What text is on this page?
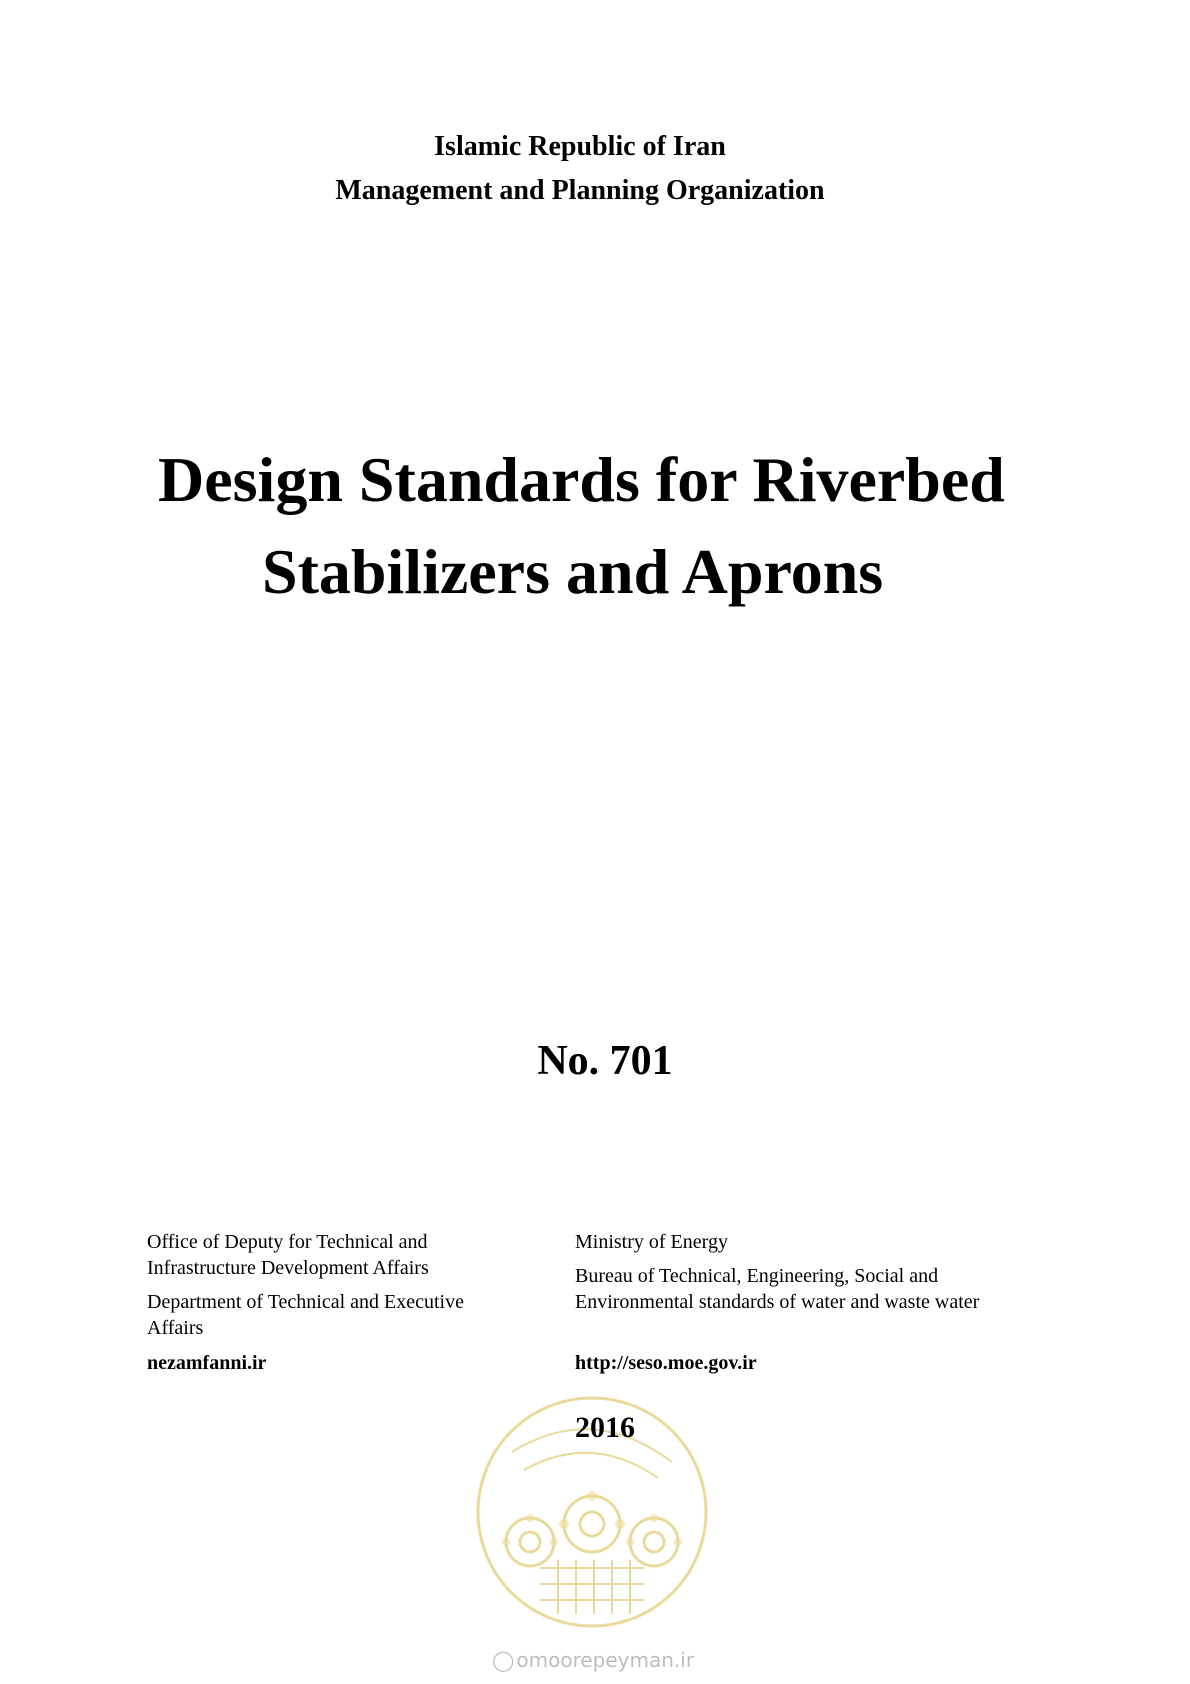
Islamic Republic of Iran
Management and Planning Organization
Design Standards for Riverbed
Stabilizers and Aprons
No. 701

Office of Deputy for Technical and
Infrastructure Development Affairs

Department of Technical and Executive
Affairs

nezamfanni.ir

Ministry of Energy

Bureau of Technical, Engineering, Social and
Environmental standards of water and waste water

http://seso.moe.gov.ir
2016
◯ omoorepeyman.ir
